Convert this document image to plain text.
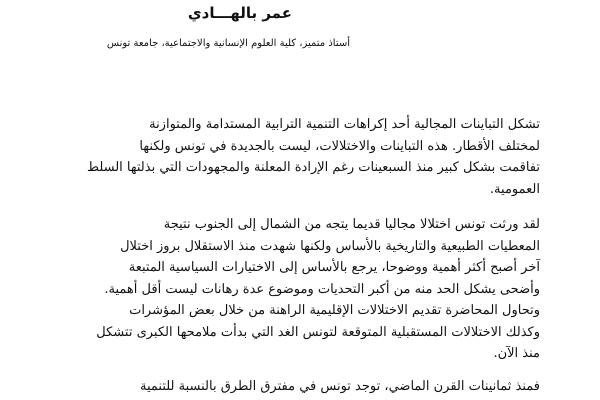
عمر بالهـــادي

أستاذ متميز، كلية العلوم الإنسانية والاجتماعية، جامعة تونس

تشكل التباينات المجالية أحد إكراهات التنمية الترابية المستدامة والمتوازنة
لمختلف الأقطار. هذه التباينات والاختلالات، ليست بالجديدة في تونس ولكنها
تفاقمت بشكل كبير منذ السبعينات رغم الإرادة المعلنة والمجهودات التي بذلتها السلط
العمومية.

لقد ورثت تونس اختلالا مجاليا قديما يتجه من الشمال إلى الجنوب نتيجة
المعطيات الطبيعية والتاريخية بالأساس ولكنها شهدت منذ الاستقلال بروز اختلال
آخر أصبح أكثر أهمية ووضوحا، يرجع بالأساس إلى الاختيارات السياسية المتبعة
وأضحى يشكل الحد منه من أكبر التحديات وموضوع عدة رهانات ليست أقل أهمية.
وتحاول المحاضرة تقديم الاختلالات الإقليمية الراهنة من خلال بعض المؤشرات
وكذلك الاختلالات المستقبلية المتوقعة لتونس الغد التي بدأت ملامحها الكبرى تتشكل
منذ الآن.

فمنذ ثمانينات القرن الماضي، توجد تونس في مفترق الطرق بالنسبة للتنمية
